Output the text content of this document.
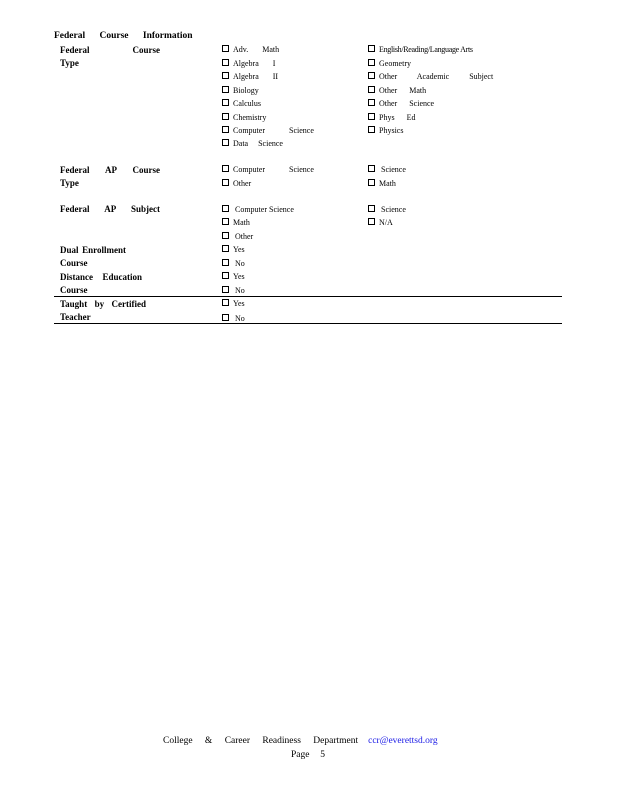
Federal Course Information
Federal Course Type
Adv. Math
Algebra I
Algebra II
Biology
Calculus
Chemistry
Computer Science
Data Science
English/Reading/Language Arts
Geometry
Other Academic Subject
Other Math
Other Science
Phys Ed
Physics
Federal AP Course
Type
Computer Science
Other
Science
Math
Federal AP Subject	Computer Science
Math
Other
Science
N/A
Dual Enrollment
Course
Yes
No
Distance Education
Course
Yes
No
Taught by Certified
Teacher
Yes
No
College & Career Readiness Department ccr@everettsd.org
Page 5
